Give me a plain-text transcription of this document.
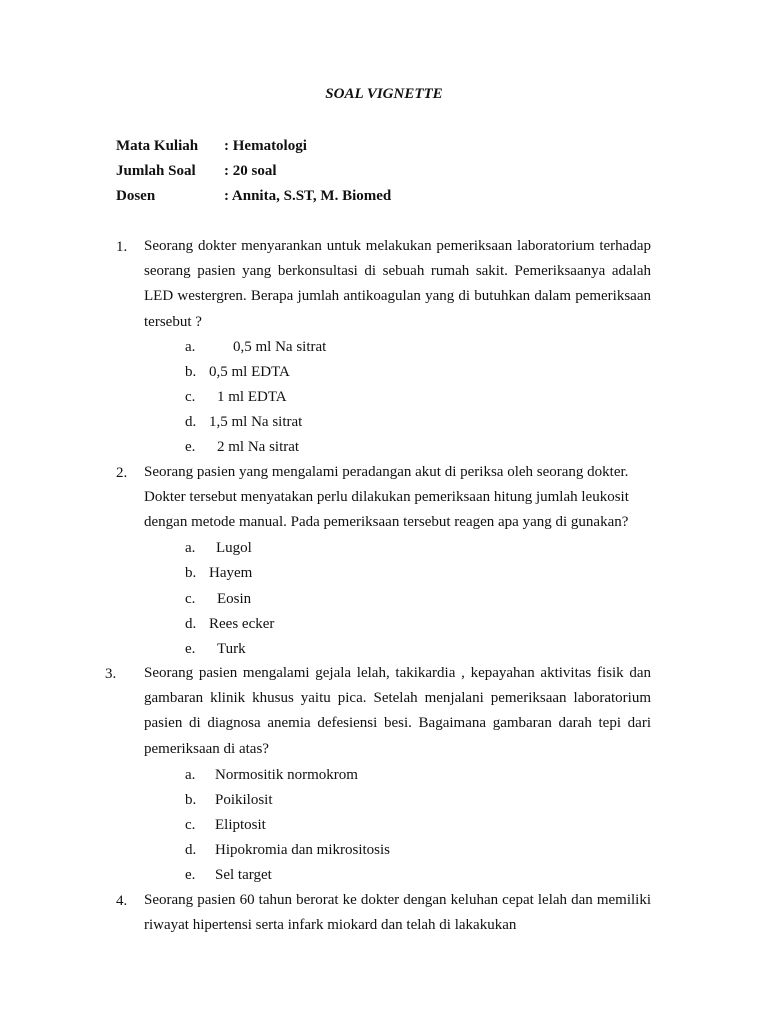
SOAL VIGNETTE
Mata Kuliah : Hematologi
Jumlah Soal : 20 soal
Dosen	: Annita, S.ST, M. Biomed
1. Seorang dokter menyarankan untuk melakukan pemeriksaan laboratorium terhadap seorang pasien yang berkonsultasi di sebuah rumah sakit. Pemeriksaanya adalah LED westergren. Berapa jumlah antikoagulan yang di butuhkan dalam pemeriksaan tersebut ?
a.	0,5 ml Na sitrat
b. 0,5 ml EDTA
c. 1 ml EDTA
d. 1,5 ml Na sitrat
e. 2 ml Na sitrat
2. Seorang pasien yang mengalami peradangan akut di periksa oleh seorang dokter. Dokter tersebut menyatakan perlu dilakukan pemeriksaan hitung jumlah leukosit dengan metode manual. Pada pemeriksaan tersebut reagen apa yang di gunakan?
a. Lugol
b. Hayem
c. Eosin
d. Rees ecker
e. Turk
3. Seorang pasien mengalami gejala lelah, takikardia , kepayahan aktivitas fisik dan gambaran klinik khusus yaitu pica. Setelah menjalani pemeriksaan laboratorium pasien di diagnosa anemia defesiensi besi. Bagaimana gambaran darah tepi dari pemeriksaan di atas?
a. Normositik normokrom
b. Poikilosit
c. Eliptosit
d. Hipokromia dan mikrositosis
e. Sel target
4. Seorang pasien 60 tahun berorat ke dokter dengan keluhan cepat lelah dan memiliki riwayat hipertensi serta infark miokard dan telah di lakakukan
